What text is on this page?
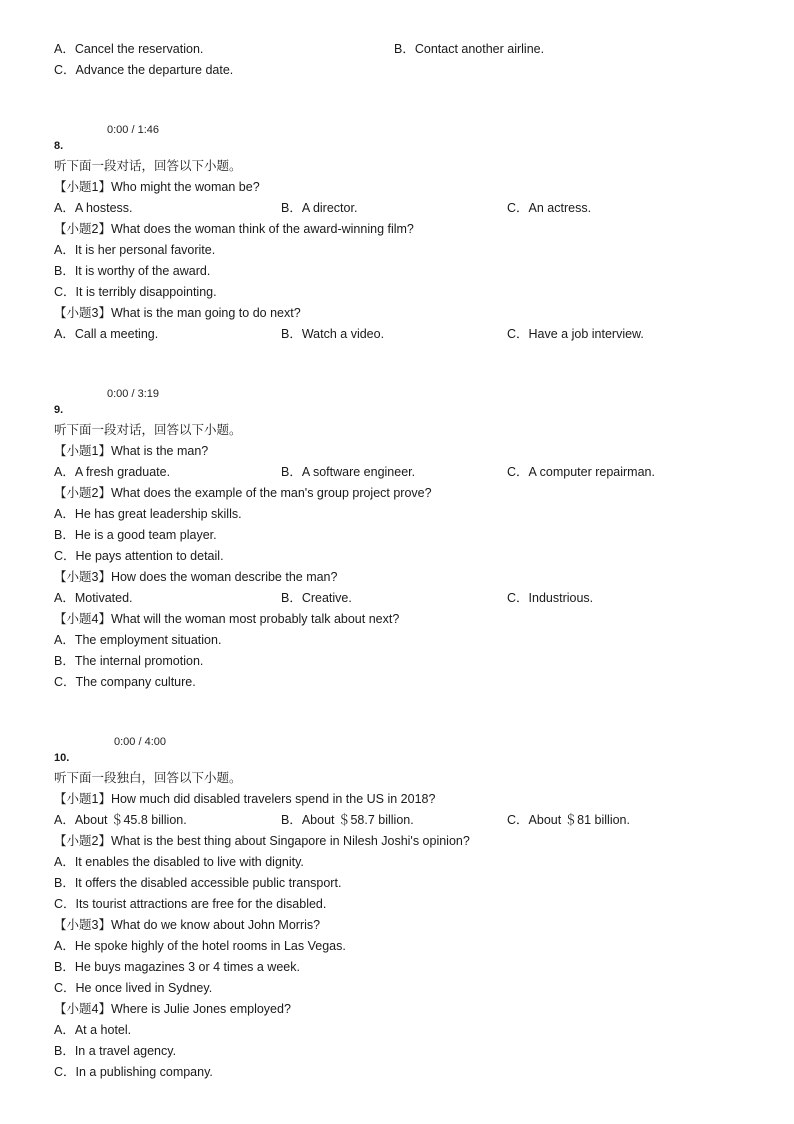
A．Cancel the reservation.	B．Contact another airline.
C．Advance the departure date.
0:00 / 1:46
8.
听下面一段对话，回答以下小题。
【小题1】Who might the woman be?
A．A hostess.	B．A director.	C．An actress.
【小题2】What does the woman think of the award-winning film?
A．It is her personal favorite.
B．It is worthy of the award.
C．It is terribly disappointing.
【小题3】What is the man going to do next?
A．Call a meeting.	B．Watch a video.	C．Have a job interview.
0:00 / 3:19
9.
听下面一段对话，回答以下小题。
【小题1】What is the man?
A．A fresh graduate.	B．A software engineer.	C．A computer repairman.
【小题2】What does the example of the man's group project prove?
A．He has great leadership skills.
B．He is a good team player.
C．He pays attention to detail.
【小题3】How does the woman describe the man?
A．Motivated.	B．Creative.	C．Industrious.
【小题4】What will the woman most probably talk about next?
A．The employment situation.
B．The internal promotion.
C．The company culture.
0:00 / 4:00
10.
听下面一段独白，回答以下小题。
【小题1】How much did disabled travelers spend in the US in 2018?
A．About ＄45.8 billion.	B．About ＄58.7 billion.	C．About ＄81 billion.
【小题2】What is the best thing about Singapore in Nilesh Joshi's opinion?
A．It enables the disabled to live with dignity.
B．It offers the disabled accessible public transport.
C．Its tourist attractions are free for the disabled.
【小题3】What do we know about John Morris?
A．He spoke highly of the hotel rooms in Las Vegas.
B．He buys magazines 3 or 4 times a week.
C．He once lived in Sydney.
【小题4】Where is Julie Jones employed?
A．At a hotel.
B．In a travel agency.
C．In a publishing company.
